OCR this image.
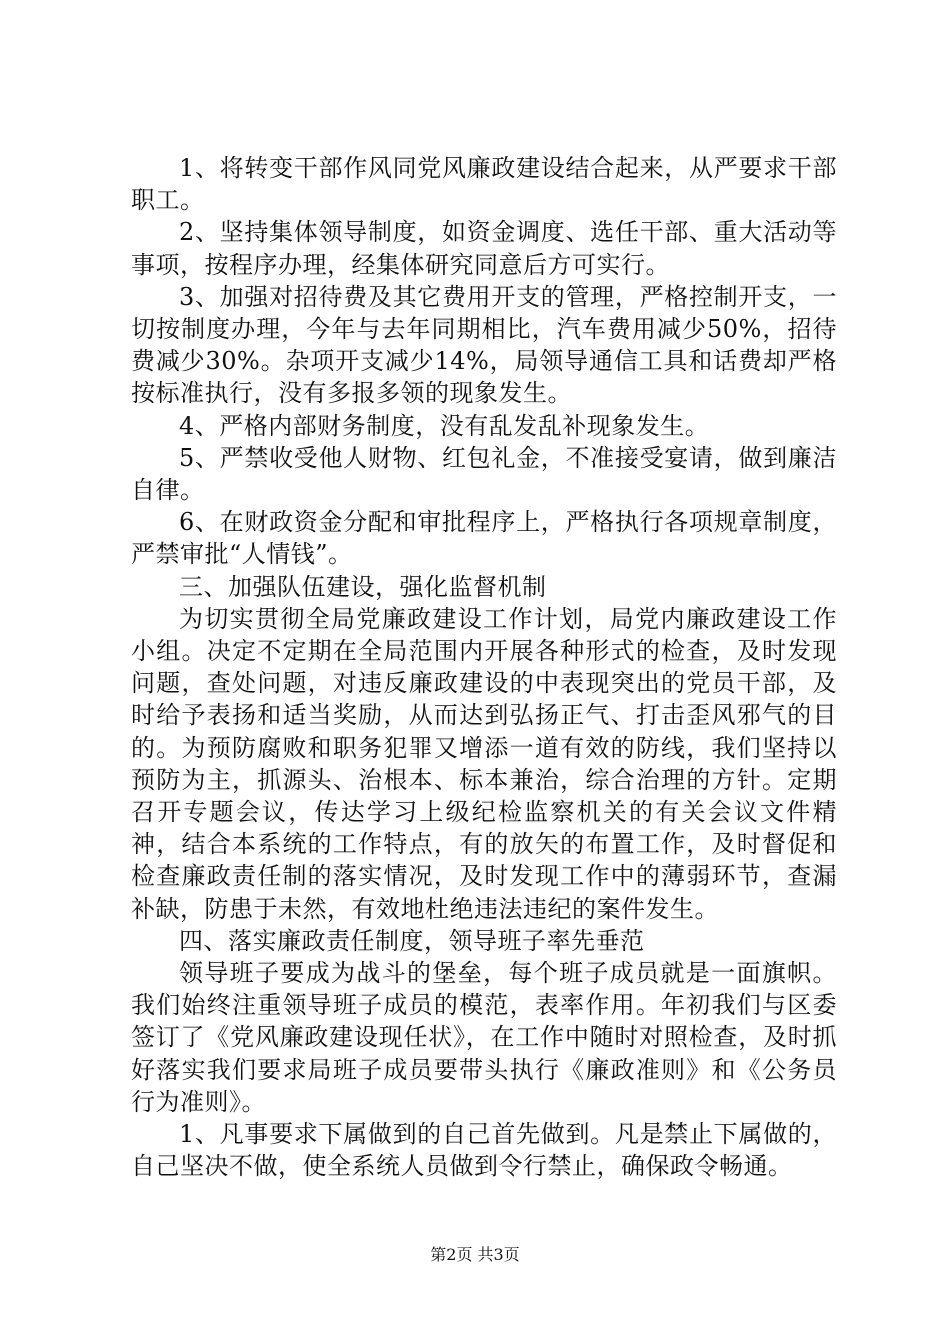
1、将转变干部作风同党风廉政建设结合起来，从严要求干部职工。

2、坚持集体领导制度，如资金调度、选任干部、重大活动等事项，按程序办理，经集体研究同意后方可实行。

3、加强对招待费及其它费用开支的管理，严格控制开支，一切按制度办理，今年与去年同期相比，汽车费用减少50%，招待费减少30%。杂项开支减少14%，局领导通信工具和话费却严格按标准执行，没有多报多领的现象发生。

4、严格内部财务制度，没有乱发乱补现象发生。

5、严禁收受他人财物、红包礼金，不准接受宴请，做到廉洁自律。

6、在财政资金分配和审批程序上，严格执行各项规章制度，严禁审批“人情钱”。

三、加强队伍建设，强化监督机制

为切实贯彻全局党廉政建设工作计划，局党内廉政建设工作小组。决定不定期在全局范围内开展各种形式的检查，及时发现问题，查处问题，对违反廉政建设的中表现突出的党员干部，及时给予表扬和适当奖励，从而达到弘扬正气、打击歪风邪气的目的。为预防腐败和职务犯罪又增添一道有效的防线，我们坚持以预防为主，抓源头、治根本、标本兼治，综合治理的方针。定期召开专题会议，传达学习上级纪检监察机关的有关会议文件精神，结合本系统的工作特点，有的放矢的布置工作，及时督促和检查廉政责任制的落实情况，及时发现工作中的薄弱环节，查漏补缺，防患于未然，有效地杜绝违法违纪的案件发生。

四、落实廉政责任制度，领导班子率先垂范

领导班子要成为战斗的堡垒，每个班子成员就是一面旗帜。我们始终注重领导班子成员的模范，表率作用。年初我们与区委签订了《党风廉政建设现任状》，在工作中随时对照检查，及时抓好落实我们要求局班子成员要带头执行《廉政准则》和《公务员行为准则》。

1、凡事要求下属做到的自己首先做到。凡是禁止下属做的，自己坚决不做，使全系统人员做到令行禁止，确保政令畅通。

第2页 共3页
